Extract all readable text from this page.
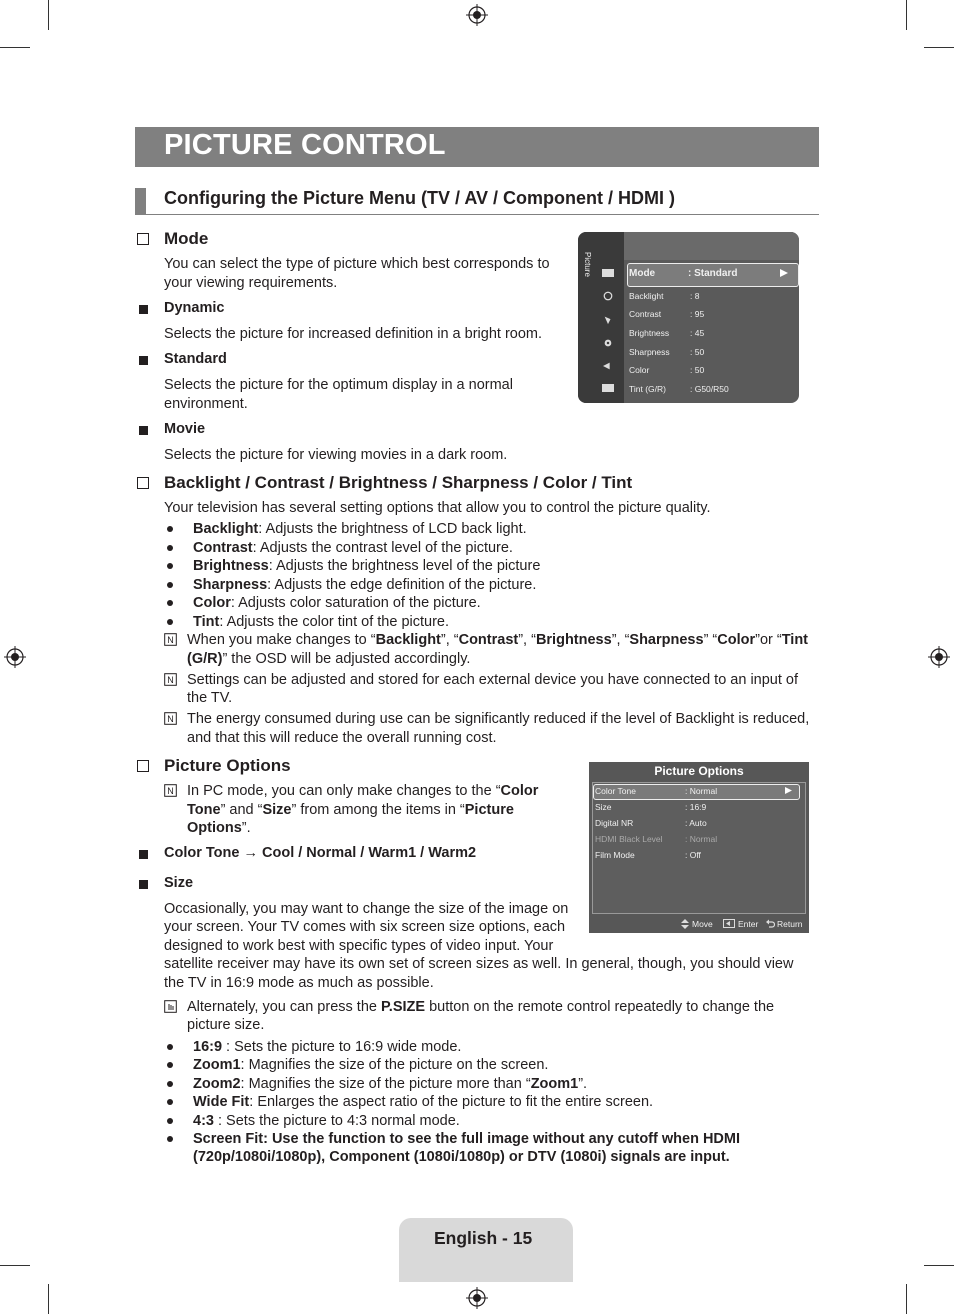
PICTURE CONTROL
Configuring the Picture Menu (TV / AV / Component / HDMI )
Mode
You can select the type of picture which best corresponds to
your viewing requirements.
Dynamic
Selects the picture for increased definition in a bright room.
Standard
Selects the picture for the optimum display in a normal
environment.
Movie
Selects the picture for viewing movies in a dark room.
Picture	Mode	: Standard
Backlight	: 8
Contrast	: 95
Brightness : 45
Sharpness : 50
Color	: 50
Tint (G/R)	: G50/R50
Backlight / Contrast / Brightness / Sharpness / Color / Tint
Your television has several setting options that allow you to control the picture quality.
Backlight: Adjusts the brightness of LCD back light.
Contrast: Adjusts the contrast level of the picture.
Brightness: Adjusts the brightness level of the picture
Sharpness: Adjusts the edge definition of the picture.
Color: Adjusts color saturation of the picture.
Tint: Adjusts the color tint of the picture.
N When you make changes to “Backlight”, “Contrast”, “Brightness”, “Sharpness” “Color”or “Tint
(G/R)” the OSD will be adjusted accordingly.
N Settings can be adjusted and stored for each external device you have connected to an input of
the TV.
N The energy consumed during use can be significantly reduced if the level of Backlight is reduced,
and that this will reduce the overall running cost.
Picture Options
N In PC mode, you can only make changes to the “Color
Tone” and “Size” from among the items in “Picture
Options”.
Color Tone → Cool / Normal / Warm1 / Warm2
Size
Occasionally, you may want to change the size of the image on
your screen. Your TV comes with six screen size options, each
designed to work best with specific types of video input. Your
satellite receiver may have its own set of screen sizes as well. In general, though, you should view
the TV in 16:9 mode as much as possible.
Alternately, you can press the P.SIZE button on the remote control repeatedly to change the
picture size.
16:9 : Sets the picture to 16:9 wide mode.
Zoom1: Magnifies the size of the picture on the screen.
Zoom2: Magnifies the size of the picture more than “Zoom1”.
Wide Fit: Enlarges the aspect ratio of the picture to fit the entire screen.
4:3 : Sets the picture to 4:3 normal mode.
Screen Fit: Use the function to see the full image without any cutoff when HDMI
(720p/1080i/1080p), Component (1080i/1080p) or DTV (1080i) signals are input.
Picture Options
Color Tone	: Normal
Size	: 16:9
Digital NR	: Auto
HDMI Black Level	: Normal
Film Mode	: Off
Move	Enter Return
English - 15
